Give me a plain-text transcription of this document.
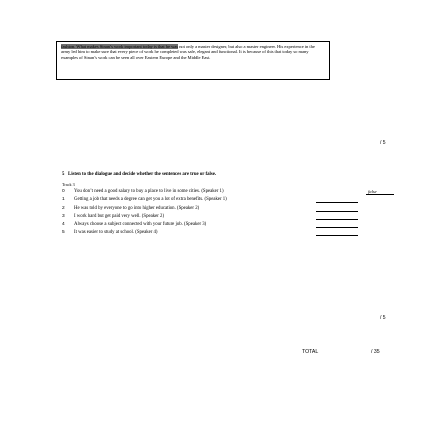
fashion. What makes Sinan’s work important today is that he was not only a master designer, but also a master engineer. His experience in the army led him to make sure that every piece of work he completed was safe, elegant and functional. It is because of this that today so many examples of Sinan’s work can be seen all over Eastern Europe and the Middle East.
/ 5
5 Listen to the dialogue and decide whether the sentences are true or false.
Track 3
0	You don’t need a good salary to buy a place to live in some cities. (Speaker 1)	false
1	Getting a job that needs a degree can get you a lot of extra benefits. (Speaker 1)
2	He was told by everyone to go into higher education. (Speaker 2)
3	I work hard but get paid very well. (Speaker 2)
4	Always choose a subject connected with your future job. (Speaker 3)
5	It was easier to study at school. (Speaker 4)
/ 5
TOTAL	/ 35
